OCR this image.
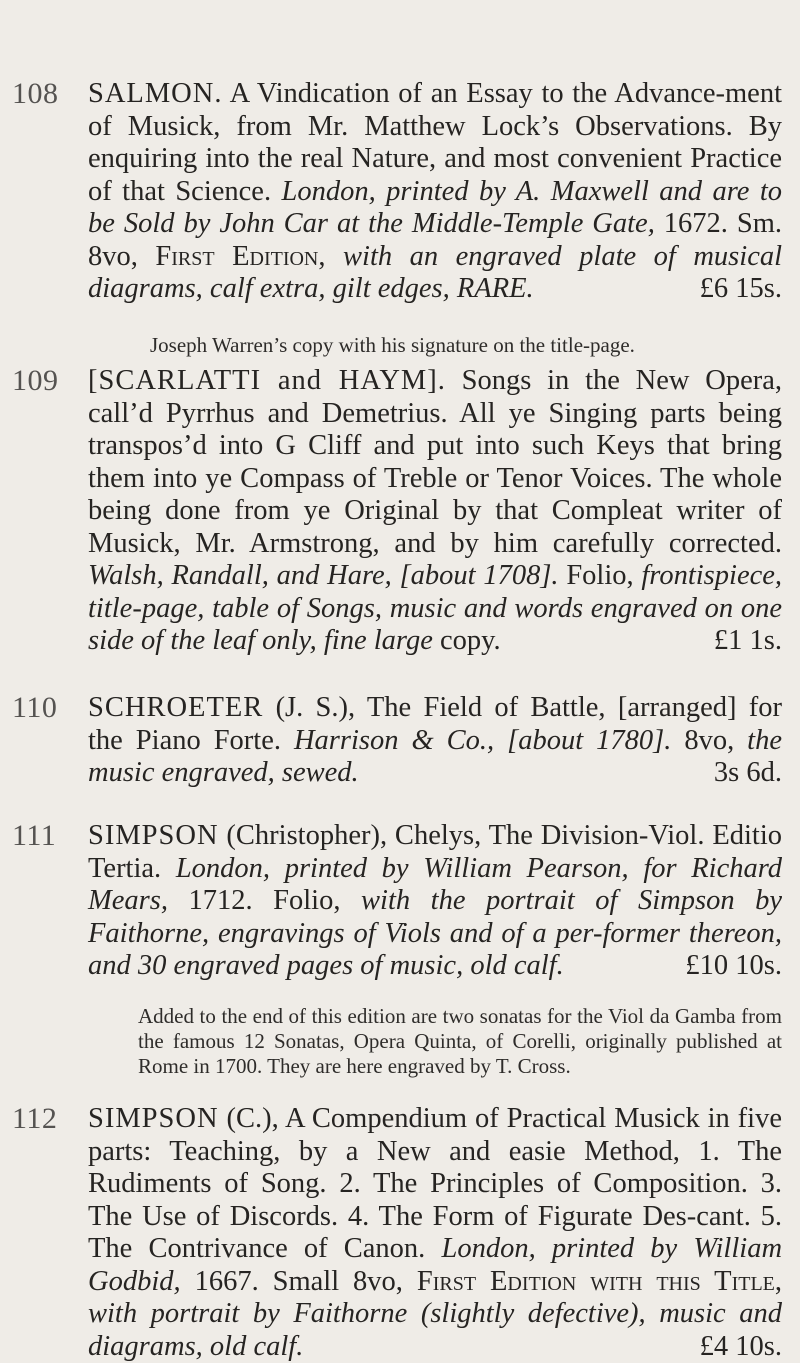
108	SALMON. A Vindication of an Essay to the Advance-ment of Musick, from Mr. Matthew Lock’s Observations. By enquiring into the real Nature, and most convenient Practice of that Science. London, printed by A. Maxwell and are to be Sold by John Car at the Middle-Temple Gate, 1672. Sm. 8vo, First Edition, with an engraved plate of musical diagrams, calf extra, gilt edges, RARE.	£6 15s.
Joseph Warren’s copy with his signature on the title-page.
109	[SCARLATTI and HAYM]. Songs in the New Opera, call’d Pyrrhus and Demetrius. All ye Singing parts being transpos’d into G Cliff and put into such Keys that bring them into ye Compass of Treble or Tenor Voices. The whole being done from ye Original by that Compleat writer of Musick, Mr. Armstrong, and by him carefully corrected. Walsh, Randall, and Hare, [about 1708]. Folio, frontispiece, title-page, table of Songs, music and words engraved on one side of the leaf only, fine large copy.	£1 1s.
110	SCHROETER (J. S.), The Field of Battle, [arranged] for the Piano Forte. Harrison & Co., [about 1780]. 8vo, the music engraved, sewed.	3s 6d.
111	SIMPSON (Christopher), Chelys, The Division-Viol. Editio Tertia. London, printed by William Pearson, for Richard Mears, 1712. Folio, with the portrait of Simpson by Faithorne, engravings of Viols and of a per-former thereon, and 30 engraved pages of music, old calf.	£10 10s.
Added to the end of this edition are two sonatas for the Viol da Gamba from the famous 12 Sonatas, Opera Quinta, of Corelli, originally published at Rome in 1700. They are here engraved by T. Cross.
112	SIMPSON (C.), A Compendium of Practical Musick in five parts: Teaching, by a New and easie Method, 1. The Rudiments of Song. 2. The Principles of Composition. 3. The Use of Discords. 4. The Form of Figurate Des-cant. 5. The Contrivance of Canon. London, printed by William Godbid, 1667. Small 8vo, First Edition with this Title, with portrait by Faithorne (slightly defective), music and diagrams, old calf.	£4 10s.
